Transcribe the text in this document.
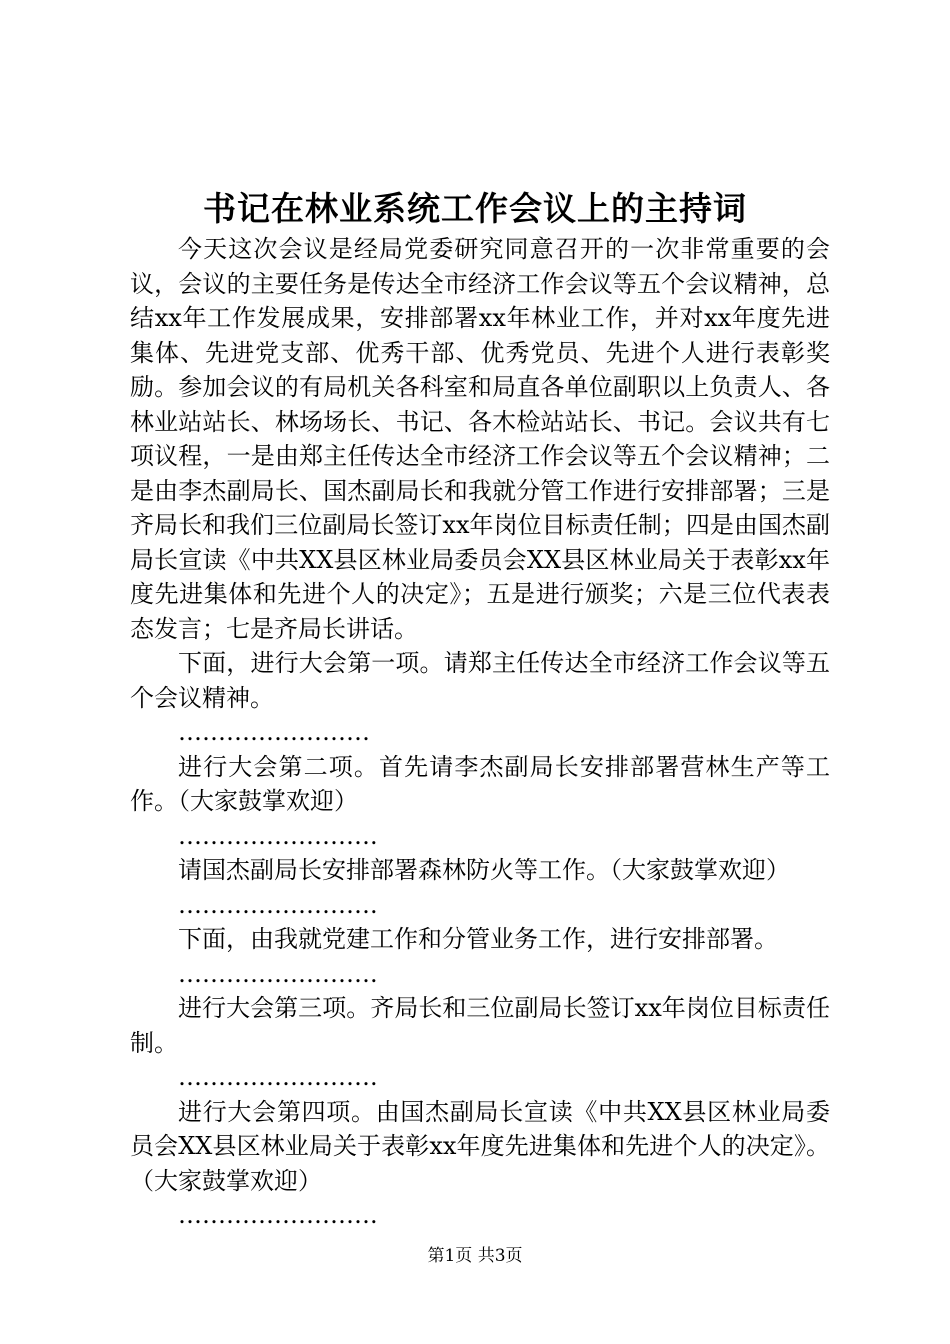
书记在林业系统工作会议上的主持词

今天这次会议是经局党委研究同意召开的一次非常重要的会议，会议的主要任务是传达全市经济工作会议等五个会议精神，总结xx年工作发展成果，安排部署xx年林业工作，并对xx年度先进集体、先进党支部、优秀干部、优秀党员、先进个人进行表彰奖励。参加会议的有局机关各科室和局直各单位副职以上负责人、各林业站站长、林场场长、书记、各木检站站长、书记。会议共有七项议程，一是由郑主任传达全市经济工作会议等五个会议精神；二是由李杰副局长、国杰副局长和我就分管工作进行安排部署；三是齐局长和我们三位副局长签订xx年岗位目标责任制；四是由国杰副局长宣读《中共XX县区林业局委员会XX县区林业局关于表彰xx年度先进集体和先进个人的决定》；五是进行颁奖；六是三位代表表态发言；七是齐局长讲话。

下面，进行大会第一项。请郑主任传达全市经济工作会议等五个会议精神。

……………………

进行大会第二项。首先请李杰副局长安排部署营林生产等工作。（大家鼓掌欢迎）

…………………….

请国杰副局长安排部署森林防火等工作。（大家鼓掌欢迎）

…………………….

下面，由我就党建工作和分管业务工作，进行安排部署。

…………………….

进行大会第三项。齐局长和三位副局长签订xx年岗位目标责任制。

…………………….

进行大会第四项。由国杰副局长宣读《中共XX县区林业局委员会XX县区林业局关于表彰xx年度先进集体和先进个人的决定》。（大家鼓掌欢迎）

…………………….

第1页 共3页
